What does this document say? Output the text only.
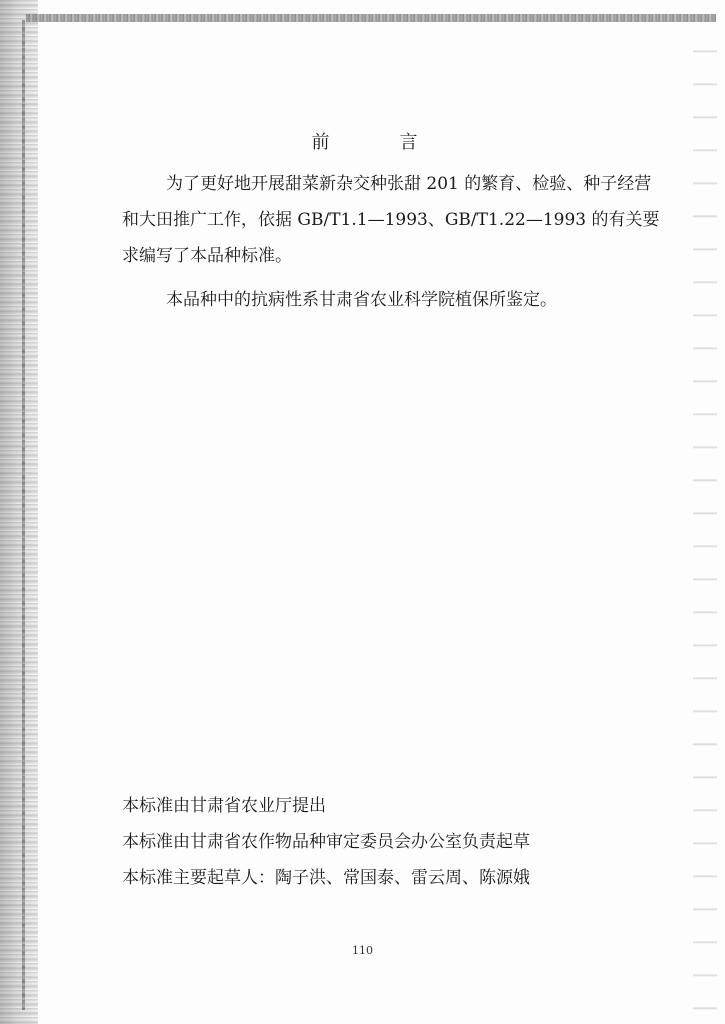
前　言
为了更好地开展甜菜新杂交种张甜 201 的繁育、检验、种子经营和大田推广工作，依据 GB/T1.1—1993、GB/T1.22—1993 的有关要求编写了本品种标准。
本品种中的抗病性系甘肃省农业科学院植保所鉴定。
本标准由甘肃省农业厅提出
本标准由甘肃省农作物品种审定委员会办公室负责起草
本标准主要起草人：陶子洪、常国泰、雷云周、陈源娥
110
